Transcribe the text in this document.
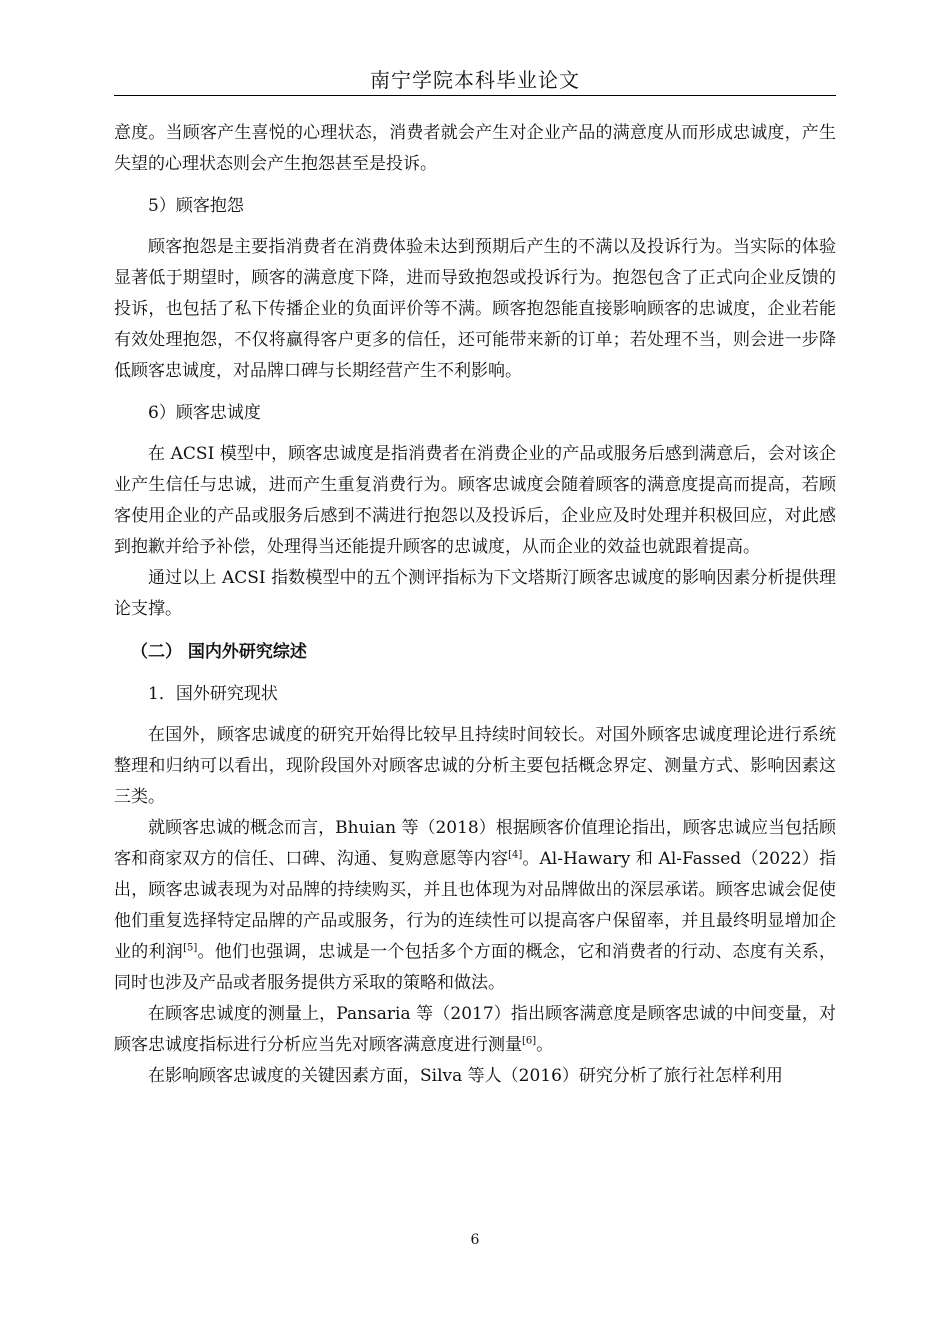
南宁学院本科毕业论文

意度。当顾客产生喜悦的心理状态，消费者就会产生对企业产品的满意度从而形成忠诚度，产生失望的心理状态则会产生抱怨甚至是投诉。

5）顾客抱怨

顾客抱怨是主要指消费者在消费体验未达到预期后产生的不满以及投诉行为。当实际的体验显著低于期望时，顾客的满意度下降，进而导致抱怨或投诉行为。抱怨包含了正式向企业反馈的投诉，也包括了私下传播企业的负面评价等不满。顾客抱怨能直接影响顾客的忠诚度，企业若能有效处理抱怨，不仅将赢得客户更多的信任，还可能带来新的订单；若处理不当，则会进一步降低顾客忠诚度，对品牌口碑与长期经营产生不利影响。

6）顾客忠诚度

在 ACSI 模型中，顾客忠诚度是指消费者在消费企业的产品或服务后感到满意后，会对该企业产生信任与忠诚，进而产生重复消费行为。顾客忠诚度会随着顾客的满意度提高而提高，若顾客使用企业的产品或服务后感到不满进行抱怨以及投诉后，企业应及时处理并积极回应，对此感到抱歉并给予补偿，处理得当还能提升顾客的忠诚度，从而企业的效益也就跟着提高。

通过以上 ACSI 指数模型中的五个测评指标为下文塔斯汀顾客忠诚度的影响因素分析提供理论支撑。

（二） 国内外研究综述

1．国外研究现状

在国外，顾客忠诚度的研究开始得比较早且持续时间较长。对国外顾客忠诚度理论进行系统整理和归纳可以看出，现阶段国外对顾客忠诚的分析主要包括概念界定、测量方式、影响因素这三类。

就顾客忠诚的概念而言，Bhuian 等（2018）根据顾客价值理论指出，顾客忠诚应当包括顾客和商家双方的信任、口碑、沟通、复购意愿等内容[4]。Al-Hawary 和 Al-Fassed（2022）指出，顾客忠诚表现为对品牌的持续购买，并且也体现为对品牌做出的深层承诺。顾客忠诚会促使他们重复选择特定品牌的产品或服务，行为的连续性可以提高客户保留率，并且最终明显增加企业的利润[5]。他们也强调，忠诚是一个包括多个方面的概念，它和消费者的行动、态度有关系，同时也涉及产品或者服务提供方采取的策略和做法。

在顾客忠诚度的测量上，Pansaria 等（2017）指出顾客满意度是顾客忠诚的中间变量，对顾客忠诚度指标进行分析应当先对顾客满意度进行测量[6]。

在影响顾客忠诚度的关键因素方面，Silva 等人（2016）研究分析了旅行社怎样利用

6
